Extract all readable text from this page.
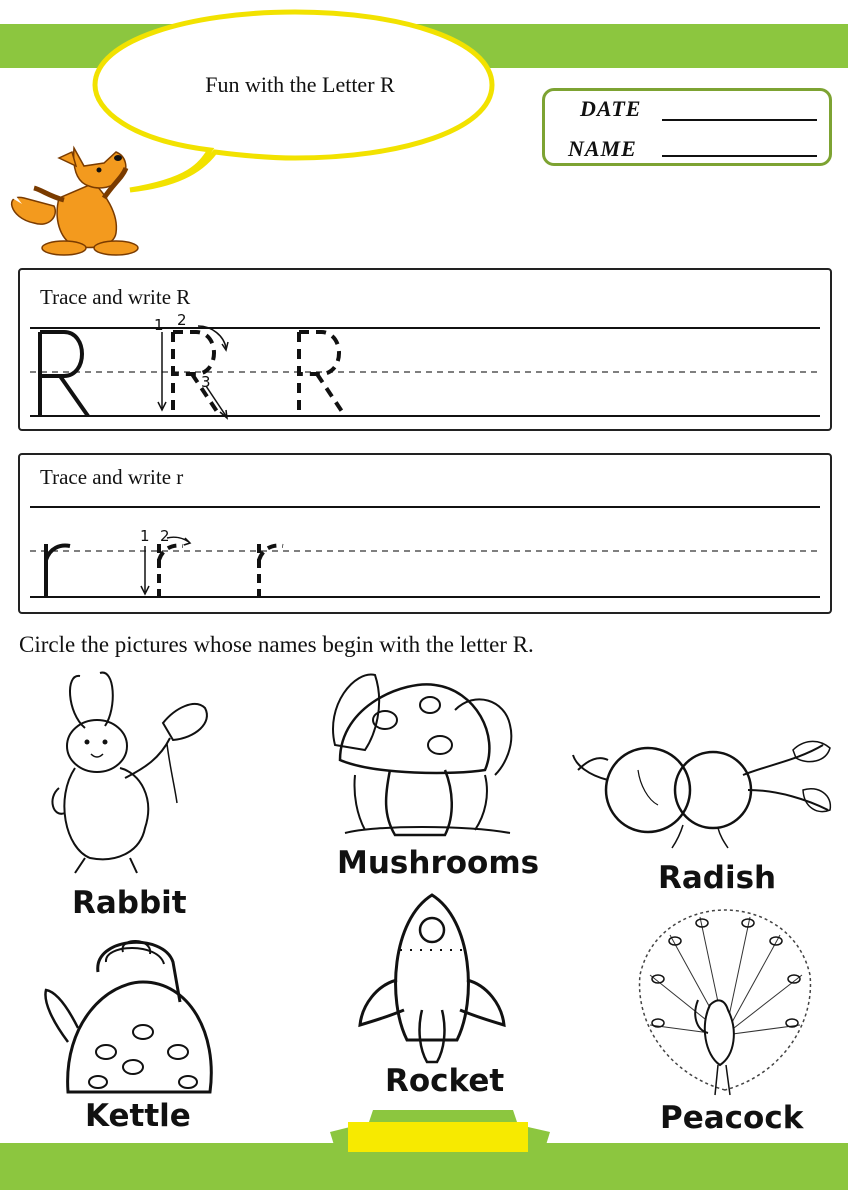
Fun with the Letter R
DATE
NAME
Trace and write R
1 2
3
Trace and write r
1 2
Circle the pictures whose names begin with the letter R.
Rabbit
Mushrooms	Radish
Kettle
Rocket
Peacock
